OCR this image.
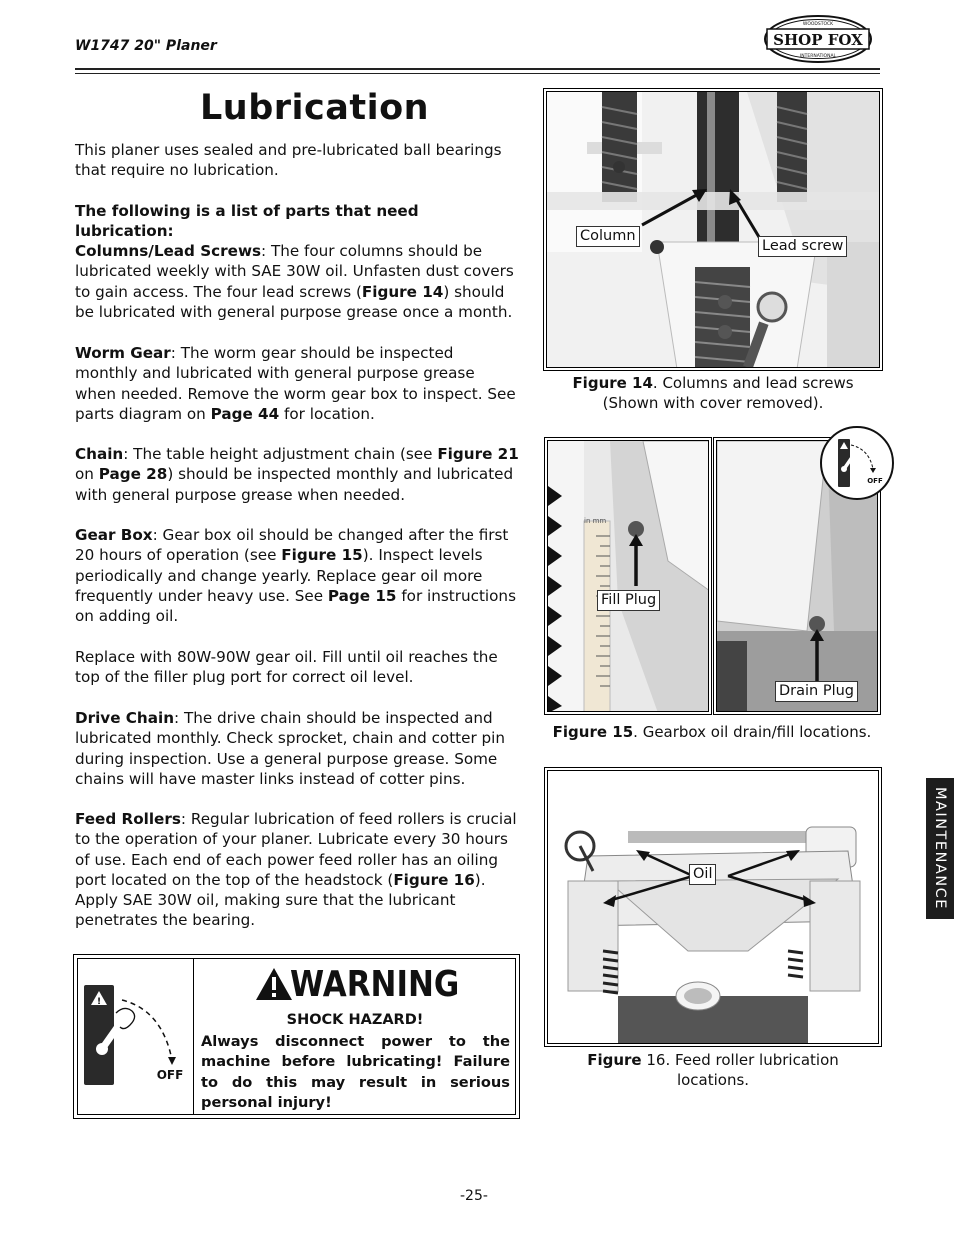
W1747 20" Planer	SHOP FOX
WOODSTOCK
INTERNATIONAL
Lubrication
This planer uses sealed and pre-lubricated ball bearings that require no lubrication.
The following is a list of parts that need lubrication:
Columns/Lead Screws: The four columns should be lubricated weekly with SAE 30W oil. Unfasten dust covers to gain access. The four lead screws (Figure 14) should be lubricated with general purpose grease once a month.
Worm Gear: The worm gear should be inspected monthly and lubricated with general purpose grease when needed. Remove the worm gear box to inspect. See parts diagram on Page 44 for location.
Chain: The table height adjustment chain (see Figure 21 on Page 28) should be inspected monthly and lubricated with general purpose grease when needed.
Gear Box: Gear box oil should be changed after the first 20 hours of operation (see Figure 15). Inspect levels periodically and change yearly. Replace gear oil more frequently under heavy use. See Page 15 for instructions on adding oil.
Replace with 80W-90W gear oil. Fill until oil reaches the top of the filler plug port for correct oil level.
Drive Chain: The drive chain should be inspected and lubricated monthly. Check sprocket, chain and cotter pin during inspection. Use a general purpose grease. Some chains will have master links instead of cotter pins.
Feed Rollers: Regular lubrication of feed rollers is crucial to the operation of your planer. Lubricate every 30 hours of use. Each end of each power feed roller has an oiling port located on the top of the headstock (Figure 16). Apply SAE 30W oil, making sure that the lubricant penetrates the bearing.
!
OFF
WARNING
SHOCK HAZARD!
Always disconnect power to the machine before lubricating! Failure to do this may result in serious personal injury!
Column
Lead screw
Figure 14. Columns and lead screws
(Shown with cover removed).
in mm
OFF
Fill Plug
Drain Plug
Figure 15. Gearbox oil drain/fill locations.
Oil
Figure 16. Feed roller lubrication
locations.
MAINTENANCE
-25-
